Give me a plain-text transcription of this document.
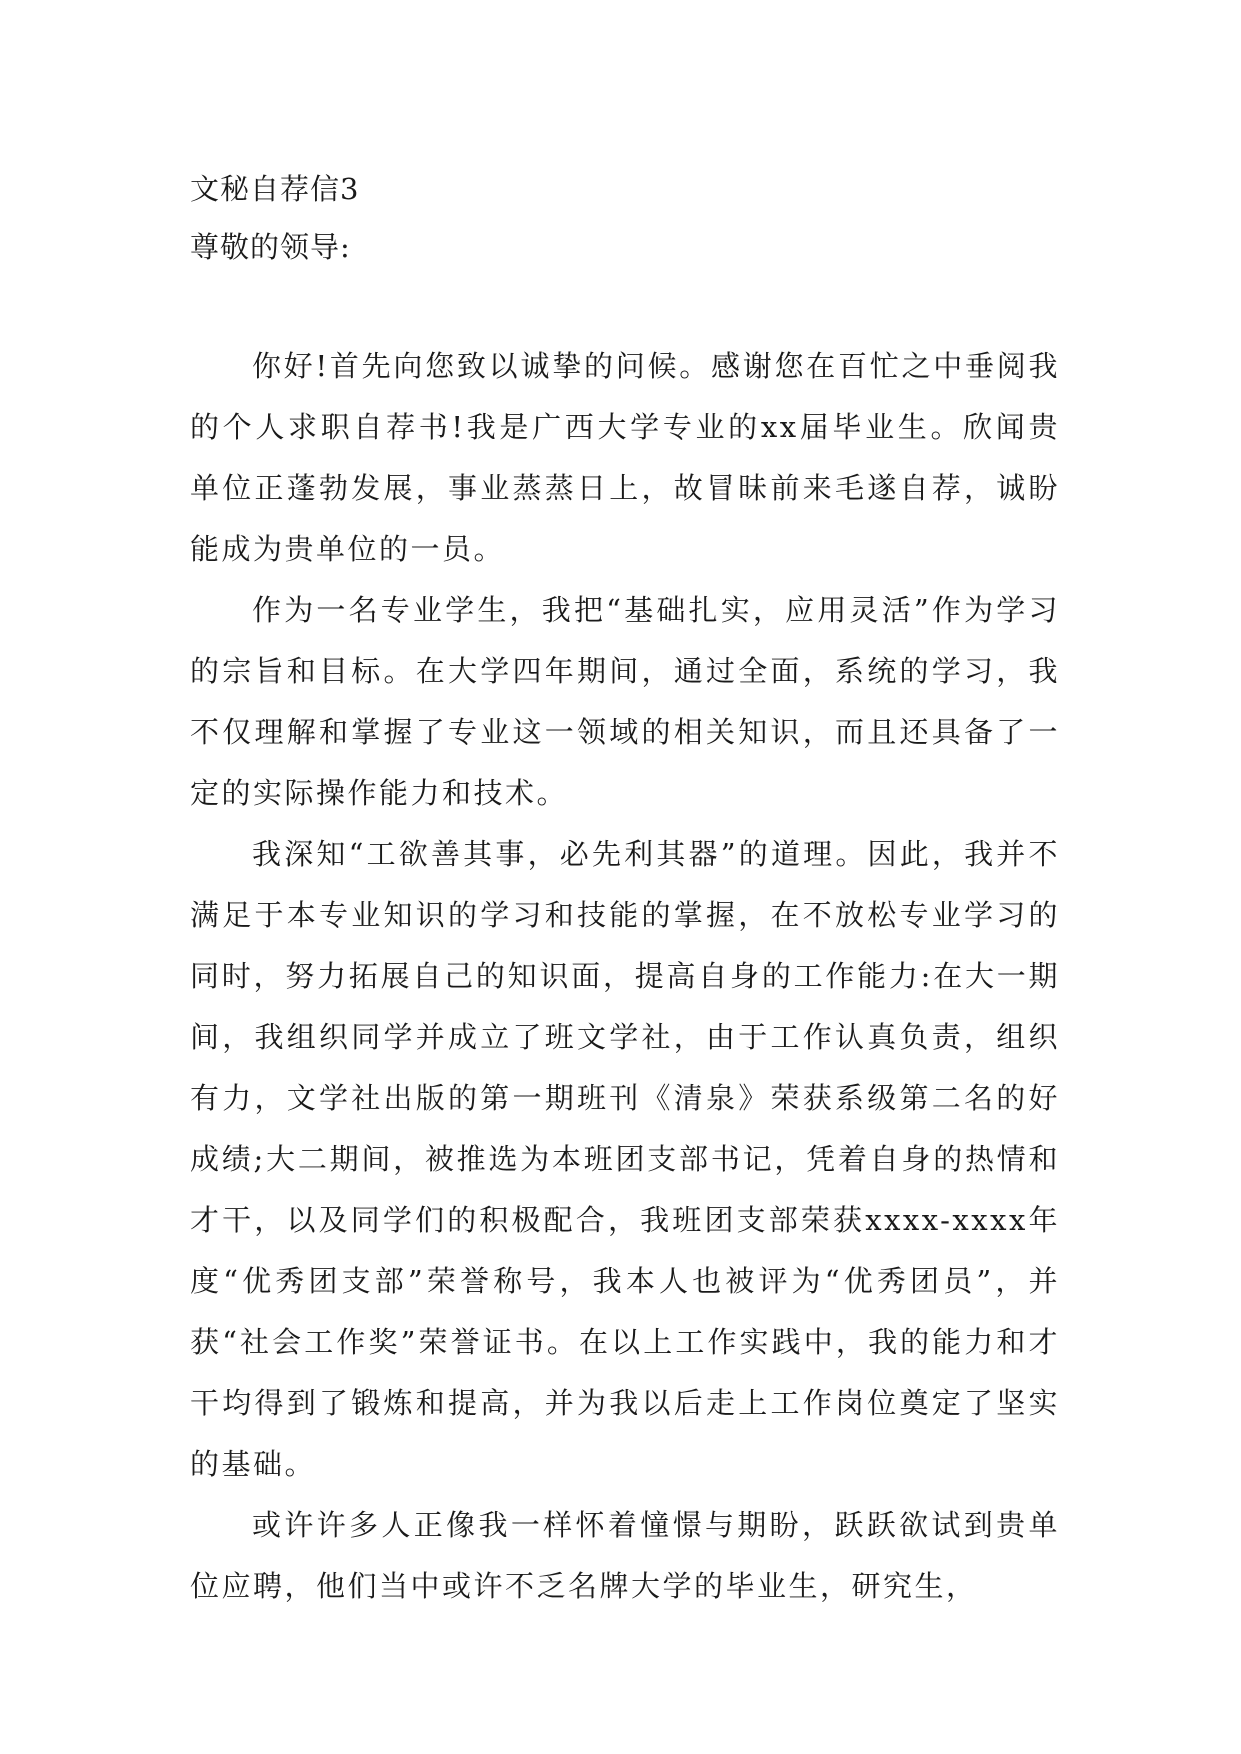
文秘自荐信3
尊敬的领导:

你好!首先向您致以诚挚的问候。感谢您在百忙之中垂阅我的个人求职自荐书!我是广西大学专业的xx届毕业生。欣闻贵单位正蓬勃发展，事业蒸蒸日上，故冒昧前来毛遂自荐，诚盼能成为贵单位的一员。

作为一名专业学生，我把“基础扎实，应用灵活”作为学习的宗旨和目标。在大学四年期间，通过全面，系统的学习，我不仅理解和掌握了专业这一领域的相关知识，而且还具备了一定的实际操作能力和技术。

我深知“工欲善其事，必先利其器”的道理。因此，我并不满足于本专业知识的学习和技能的掌握，在不放松专业学习的同时，努力拓展自己的知识面，提高自身的工作能力:在大一期间，我组织同学并成立了班文学社，由于工作认真负责，组织有力，文学社出版的第一期班刊《清泉》荣获系级第二名的好成绩;大二期间，被推选为本班团支部书记，凭着自身的热情和才干，以及同学们的积极配合，我班团支部荣获xxxx-xxxx年度“优秀团支部”荣誉称号，我本人也被评为“优秀团员”，并获“社会工作奖”荣誉证书。在以上工作实践中，我的能力和才干均得到了锻炼和提高，并为我以后走上工作岗位奠定了坚实的基础。

或许许多人正像我一样怀着憧憬与期盼，跃跃欲试到贵单位应聘，他们当中或许不乏名牌大学的毕业生，研究生，
